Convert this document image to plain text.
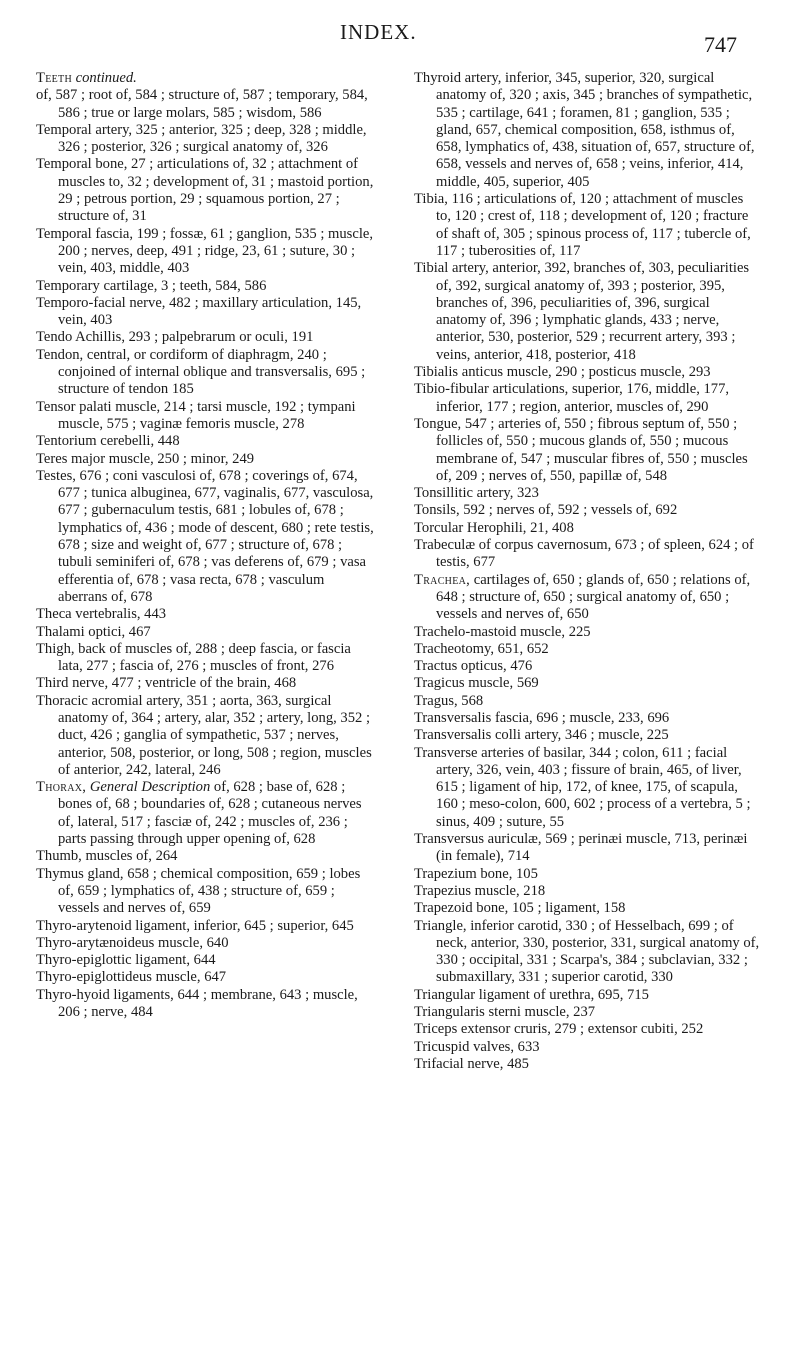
INDEX.	747

Teeth continued.

of, 587 ; root of, 584 ; structure of, 587 ; temporary, 584, 586 ; true or large molars, 585 ; wisdom, 586

Temporal artery, 325 ; anterior, 325 ; deep, 328 ; middle, 326 ; posterior, 326 ; surgical anatomy of, 326

Temporal bone, 27 ; articulations of, 32 ; attachment of muscles to, 32 ; development of, 31 ; mastoid portion, 29 ; petrous portion, 29 ; squamous portion, 27 ; structure of, 31

Temporal fascia, 199 ; fossæ, 61 ; ganglion, 535 ; muscle, 200 ; nerves, deep, 491 ; ridge, 23, 61 ; suture, 30 ; vein, 403, middle, 403

Temporary cartilage, 3 ; teeth, 584, 586

Temporo-facial nerve, 482 ; maxillary articulation, 145, vein, 403

Tendo Achillis, 293 ; palpebrarum or oculi, 191

Tendon, central, or cordiform of diaphragm, 240 ; conjoined of internal oblique and transversalis, 695 ; structure of tendon 185

Tensor palati muscle, 214 ; tarsi muscle, 192 ; tympani muscle, 575 ; vaginæ femoris muscle, 278

Tentorium cerebelli, 448

Teres major muscle, 250 ; minor, 249

Testes, 676 ; coni vasculosi of, 678 ; coverings of, 674, 677 ; tunica albuginea, 677, vaginalis, 677, vasculosa, 677 ; gubernaculum testis, 681 ; lobules of, 678 ; lymphatics of, 436 ; mode of descent, 680 ; rete testis, 678 ; size and weight of, 677 ; structure of, 678 ; tubuli seminiferi of, 678 ; vas deferens of, 679 ; vasa efferentia of, 678 ; vasa recta, 678 ; vasculum aberrans of, 678

Theca vertebralis, 443

Thalami optici, 467

Thigh, back of muscles of, 288 ; deep fascia, or fascia lata, 277 ; fascia of, 276 ; muscles of front, 276

Third nerve, 477 ; ventricle of the brain, 468

Thoracic acromial artery, 351 ; aorta, 363, surgical anatomy of, 364 ; artery, alar, 352 ; artery, long, 352 ; duct, 426 ; ganglia of sympathetic, 537 ; nerves, anterior, 508, posterior, or long, 508 ; region, muscles of anterior, 242, lateral, 246

Thorax, General Description of, 628 ; base of, 628 ; bones of, 68 ; boundaries of, 628 ; cutaneous nerves of, lateral, 517 ; fasciæ of, 242 ; muscles of, 236 ; parts passing through upper opening of, 628

Thumb, muscles of, 264

Thymus gland, 658 ; chemical composition, 659 ; lobes of, 659 ; lymphatics of, 438 ; structure of, 659 ; vessels and nerves of, 659

Thyro-arytenoid ligament, inferior, 645 ; superior, 645

Thyro-arytænoideus muscle, 640

Thyro-epiglottic ligament, 644

Thyro-epiglottideus muscle, 647

Thyro-hyoid ligaments, 644 ; membrane, 643 ; muscle, 206 ; nerve, 484

Thyroid artery, inferior, 345, superior, 320, surgical anatomy of, 320 ; axis, 345 ; branches of sympathetic, 535 ; cartilage, 641 ; foramen, 81 ; ganglion, 535 ; gland, 657, chemical composition, 658, isthmus of, 658, lymphatics of, 438, situation of, 657, structure of, 658, vessels and nerves of, 658 ; veins, inferior, 414, middle, 405, superior, 405

Tibia, 116 ; articulations of, 120 ; attachment of muscles to, 120 ; crest of, 118 ; development of, 120 ; fracture of shaft of, 305 ; spinous process of, 117 ; tubercle of, 117 ; tuberosities of, 117

Tibial artery, anterior, 392, branches of, 303, peculiarities of, 392, surgical anatomy of, 393 ; posterior, 395, branches of, 396, peculiarities of, 396, surgical anatomy of, 396 ; lymphatic glands, 433 ; nerve, anterior, 530, posterior, 529 ; recurrent artery, 393 ; veins, anterior, 418, posterior, 418

Tibialis anticus muscle, 290 ; posticus muscle, 293

Tibio-fibular articulations, superior, 176, middle, 177, inferior, 177 ; region, anterior, muscles of, 290

Tongue, 547 ; arteries of, 550 ; fibrous septum of, 550 ; follicles of, 550 ; mucous glands of, 550 ; mucous membrane of, 547 ; muscular fibres of, 550 ; muscles of, 209 ; nerves of, 550, papillæ of, 548

Tonsillitic artery, 323

Tonsils, 592 ; nerves of, 592 ; vessels of, 692

Torcular Herophili, 21, 408

Trabeculæ of corpus cavernosum, 673 ; of spleen, 624 ; of testis, 677

Trachea, cartilages of, 650 ; glands of, 650 ; relations of, 648 ; structure of, 650 ; surgical anatomy of, 650 ; vessels and nerves of, 650

Trachelo-mastoid muscle, 225

Tracheotomy, 651, 652

Tractus opticus, 476

Tragicus muscle, 569

Tragus, 568

Transversalis fascia, 696 ; muscle, 233, 696

Transversalis colli artery, 346 ; muscle, 225

Transverse arteries of basilar, 344 ; colon, 611 ; facial artery, 326, vein, 403 ; fissure of brain, 465, of liver, 615 ; ligament of hip, 172, of knee, 175, of scapula, 160 ; meso-colon, 600, 602 ; process of a vertebra, 5 ; sinus, 409 ; suture, 55

Transversus auriculæ, 569 ; perinæi muscle, 713, perinæi (in female), 714

Trapezium bone, 105

Trapezius muscle, 218

Trapezoid bone, 105 ; ligament, 158

Triangle, inferior carotid, 330 ; of Hesselbach, 699 ; of neck, anterior, 330, posterior, 331, surgical anatomy of, 330 ; occipital, 331 ; Scarpa's, 384 ; subclavian, 332 ; submaxillary, 331 ; superior carotid, 330

Triangular ligament of urethra, 695, 715

Triangularis sterni muscle, 237

Triceps extensor cruris, 279 ; extensor cubiti, 252

Tricuspid valves, 633

Trifacial nerve, 485
